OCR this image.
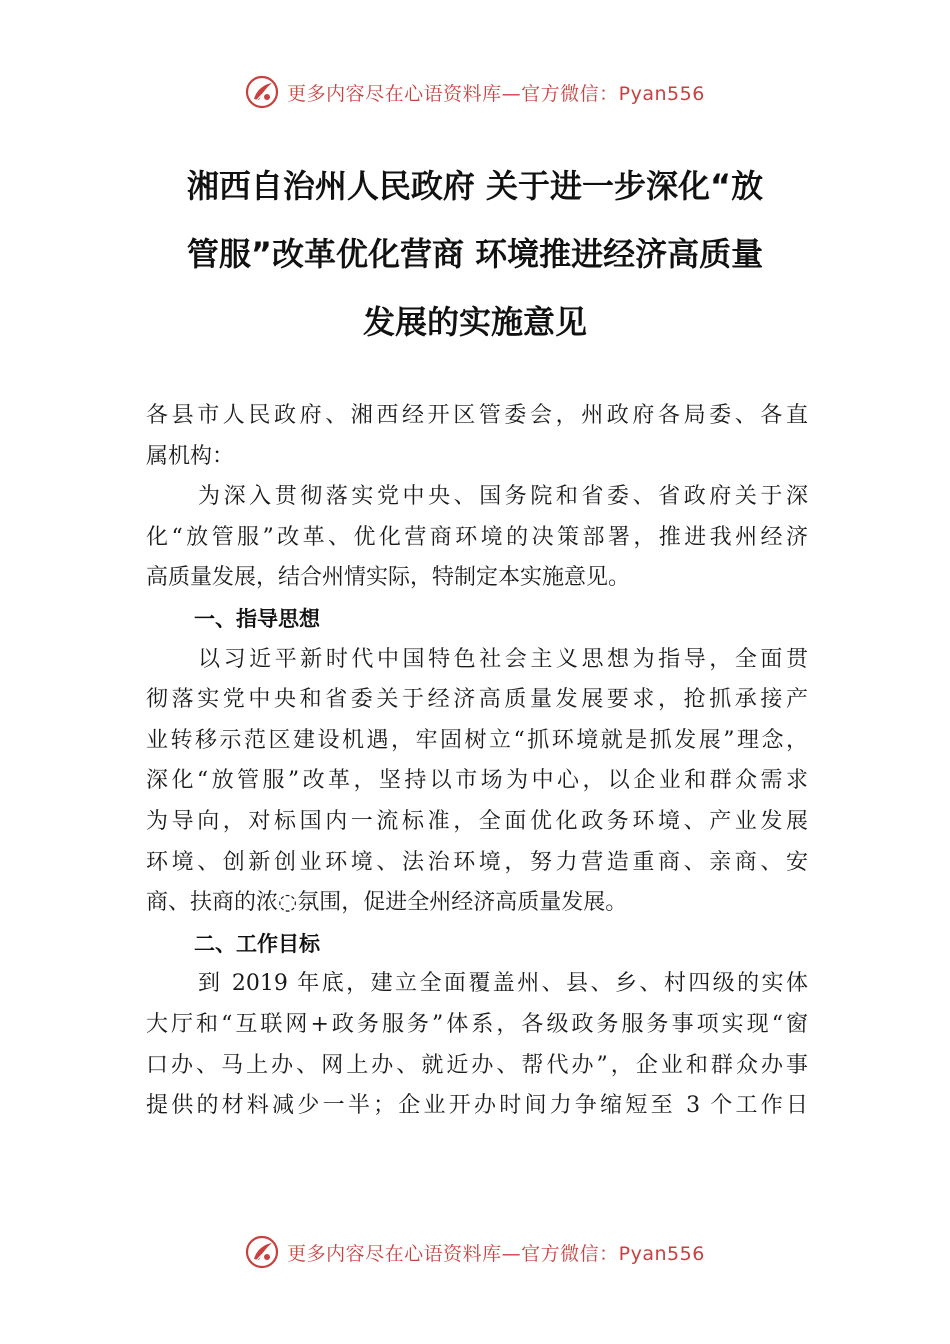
更多内容尽在心语资料库—官方微信：Pyan556
湘西自治州人民政府 关于进一步深化“放
管服”改革优化营商 环境推进经济高质量
发展的实施意见

各县市人民政府、湘西经开区管委会，州政府各局委、各直
属机构：

为深入贯彻落实党中央、国务院和省委、省政府关于深
化“放管服”改革、优化营商环境的决策部署，推进我州经济
高质量发展，结合州情实际，特制定本实施意见。

一、指导思想

以习近平新时代中国特色社会主义思想为指导，全面贯
彻落实党中央和省委关于经济高质量发展要求，抢抓承接产
业转移示范区建设机遇，牢固树立“抓环境就是抓发展”理念，
深化“放管服”改革，坚持以市场为中心，以企业和群众需求
为导向，对标国内一流标准，全面优化政务环境、产业发展
环境、创新创业环境、法治环境，努力营造重商、亲商、安
商、扶商的浓◌氛围，促进全州经济高质量发展。

二、工作目标

到 2019 年底，建立全面覆盖州、县、乡、村四级的实体
大厅和“互联网+政务服务”体系，各级政务服务事项实现“窗
口办、马上办、网上办、就近办、帮代办”，企业和群众办事
提供的材料减少一半；企业开办时间力争缩短至 3 个工作日

更多内容尽在心语资料库—官方微信：Pyan556
